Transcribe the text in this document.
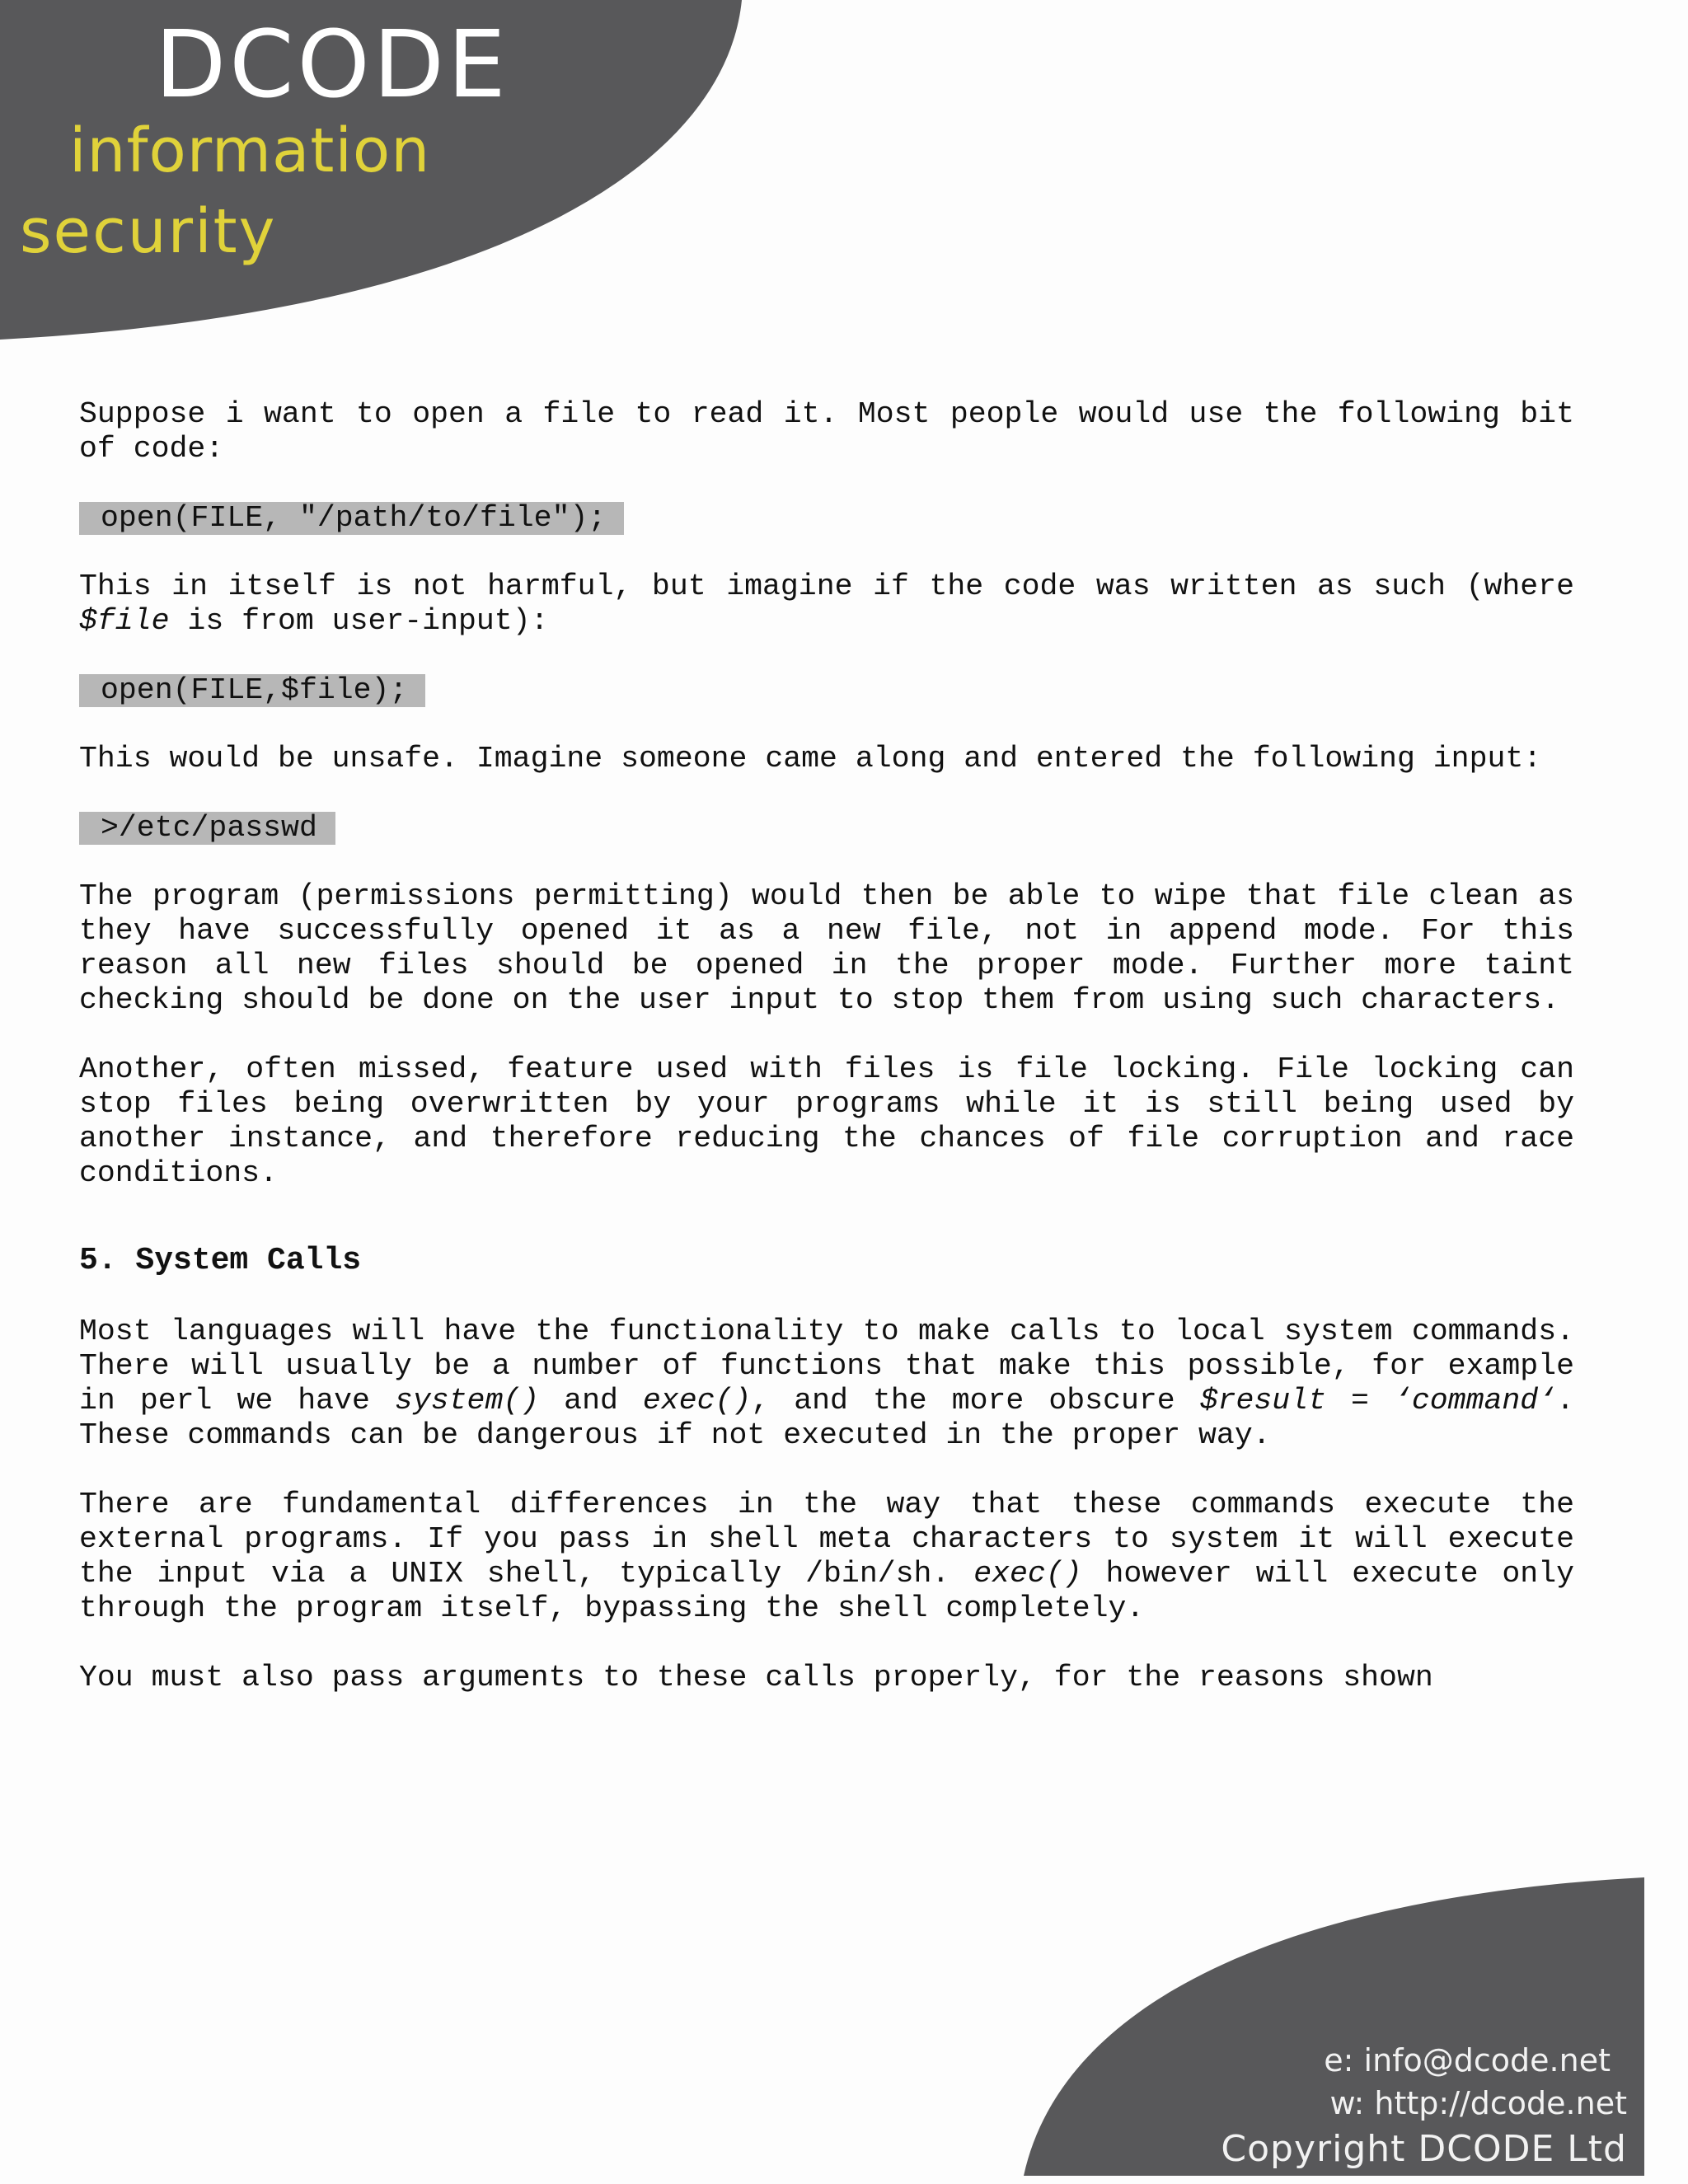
DCODE
information
security

Suppose i want to open a file to read it. Most people would use the following bit of code:

open(FILE, "/path/to/file");

This in itself is not harmful, but imagine if the code was written as such (where $file is from user-input):

open(FILE,$file);

This would be unsafe. Imagine someone came along and entered the following input:

>/etc/passwd

The program (permissions permitting) would then be able to wipe that file clean as they have successfully opened it as a new file, not in append mode. For this reason all new files should be opened in the proper mode. Further more taint checking should be done on the user input to stop them from using such characters.

Another, often missed, feature used with files is file locking. File locking can stop files being overwritten by your programs while it is still being used by another instance, and therefore reducing the chances of file corruption and race conditions.

5. System Calls

Most languages will have the functionality to make calls to local system commands. There will usually be a number of functions that make this possible, for example in perl we have system() and exec(), and the more obscure $result = ‘command‘. These commands can be dangerous if not executed in the proper way.

There are fundamental differences in the way that these commands execute the external programs. If you pass in shell meta characters to system it will execute the input via a UNIX shell, typically /bin/sh. exec() however will execute only through the program itself, bypassing the shell completely.

You must also pass arguments to these calls properly, for the reasons shown

e: info@dcode.net
w: http://dcode.net
Copyright DCODE Ltd
